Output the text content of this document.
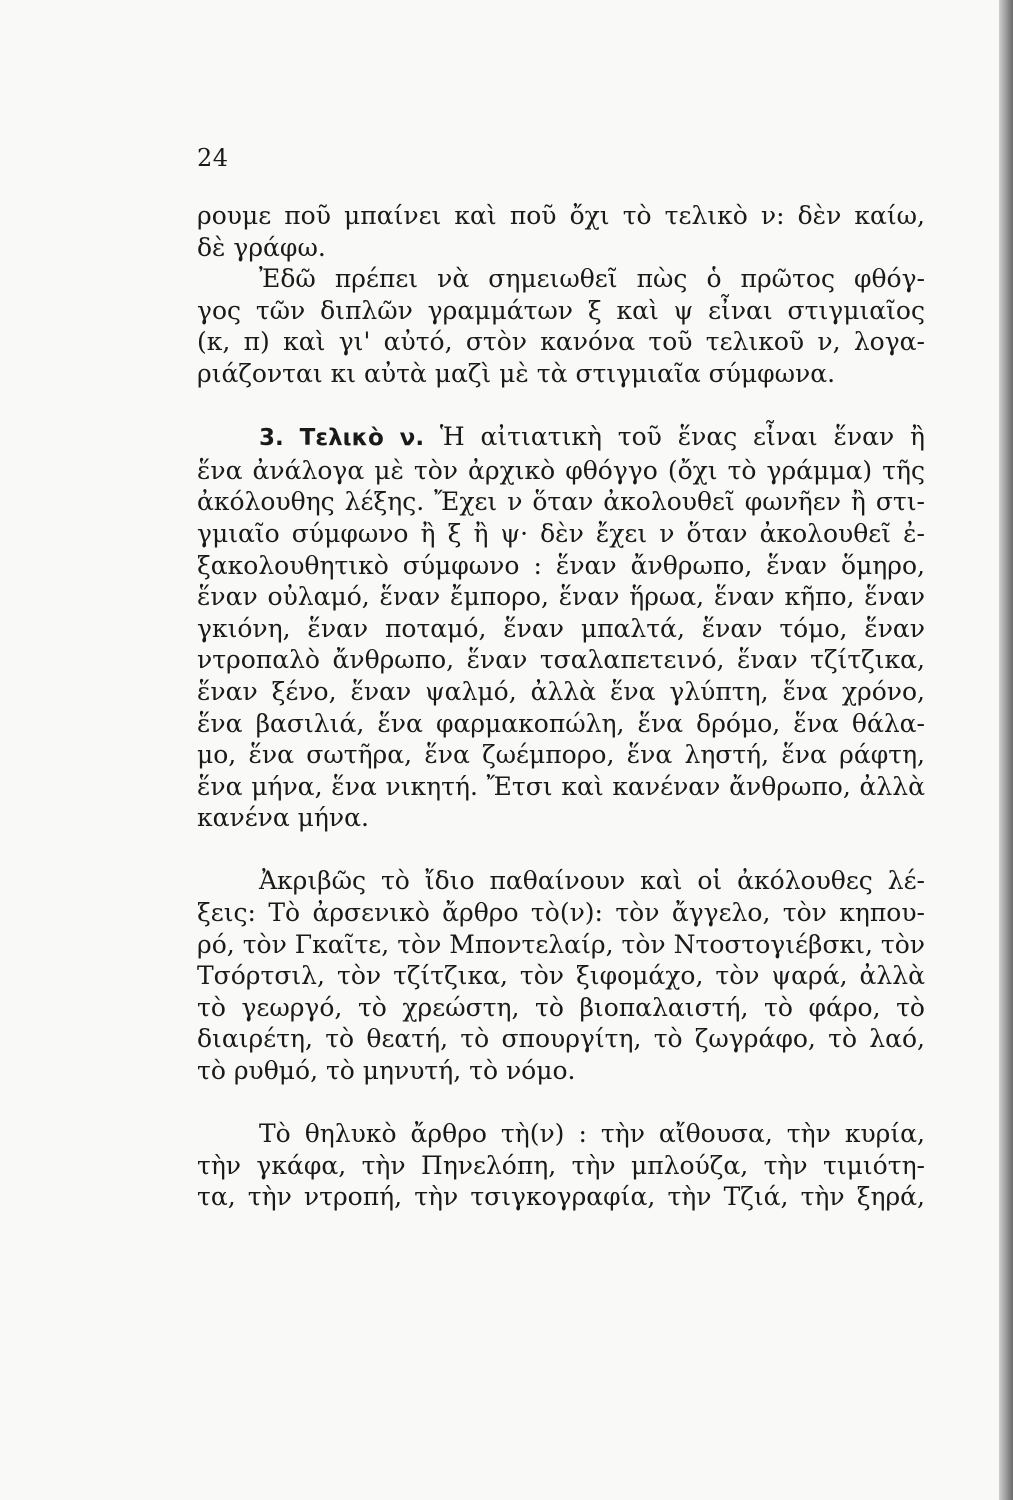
24
ρουμε ποῦ μπαίνει καὶ ποῦ ὄχι τὸ τελικὸ ν: δὲν καίω,
δὲ γράφω.
Ἐδῶ πρέπει νὰ σημειωθεῖ πὼς ὁ πρῶτος φθόγ-
γος τῶν διπλῶν γραμμάτων ξ καὶ ψ εἶναι στιγμιαῖος
(κ, π) καὶ γι' αὐτό, στὸν κανόνα τοῦ τελικοῦ ν, λογα-
ριάζονται κι αὐτὰ μαζὶ μὲ τὰ στιγμιαῖα σύμφωνα.
3. Τελικὸ ν. Ἡ αἰτιατικὴ τοῦ ἕνας εἶναι ἕναν ἢ
ἕνα ἀνάλογα μὲ τὸν ἀρχικὸ φθόγγο (ὄχι τὸ γράμμα) τῆς
ἀκόλουθης λέξης. Ἔχει ν ὅταν ἀκολουθεῖ φωνῆεν ἢ στι-
γμιαῖο σύμφωνο ἢ ξ ἢ ψ· δὲν ἔχει ν ὅταν ἀκολουθεῖ ἐ-
ξακολουθητικὸ σύμφωνο : ἕναν ἄνθρωπο, ἕναν ὅμηρο,
ἕναν οὐλαμό, ἕναν ἔμπορο, ἕναν ἥρωα, ἕναν κῆπο, ἕναν
γκιόνη, ἕναν ποταμό, ἕναν μπαλτά, ἕναν τόμο, ἕναν
ντροπαλὸ ἄνθρωπο, ἕναν τσαλαπετεινό, ἕναν τζίτζικα,
ἕναν ξένο, ἕναν ψαλμό, ἀλλὰ ἕνα γλύπτη, ἕνα χρόνο,
ἕνα βασιλιά, ἕνα φαρμακοπώλη, ἕνα δρόμο, ἕνα θάλα-
μο, ἕνα σωτῆρα, ἕνα ζωέμπορο, ἕνα ληστή, ἕνα ράφτη,
ἕνα μήνα, ἕνα νικητή. Ἔτσι καὶ κανέναν ἄνθρωπο, ἀλλὰ
κανένα μήνα.
Ἀκριβῶς τὸ ἴδιο παθαίνουν καὶ οἱ ἀκόλουθες λέ-
ξεις: Τὸ ἀρσενικὸ ἄρθρο τὸ(ν): τὸν ἄγγελο, τὸν κηπου-
ρό, τὸν Γκαῖτε, τὸν Μποντελαίρ, τὸν Ντοστογιέβσκι, τὸν
Τσόρτσιλ, τὸν τζίτζικα, τὸν ξιφομάχο, τὸν ψαρά, ἀλλὰ
τὸ γεωργό, τὸ χρεώστη, τὸ βιοπαλαιστή, τὸ φάρο, τὸ
διαιρέτη, τὸ θεατή, τὸ σπουργίτη, τὸ ζωγράφο, τὸ λαό,
τὸ ρυθμό, τὸ μηνυτή, τὸ νόμο.
Τὸ θηλυκὸ ἄρθρο τὴ(ν) : τὴν αἴθουσα, τὴν κυρία,
τὴν γκάφα, τὴν Πηνελόπη, τὴν μπλούζα, τὴν τιμιότη-
τα, τὴν ντροπή, τὴν τσιγκογραφία, τὴν Τζιά, τὴν ξηρά,
